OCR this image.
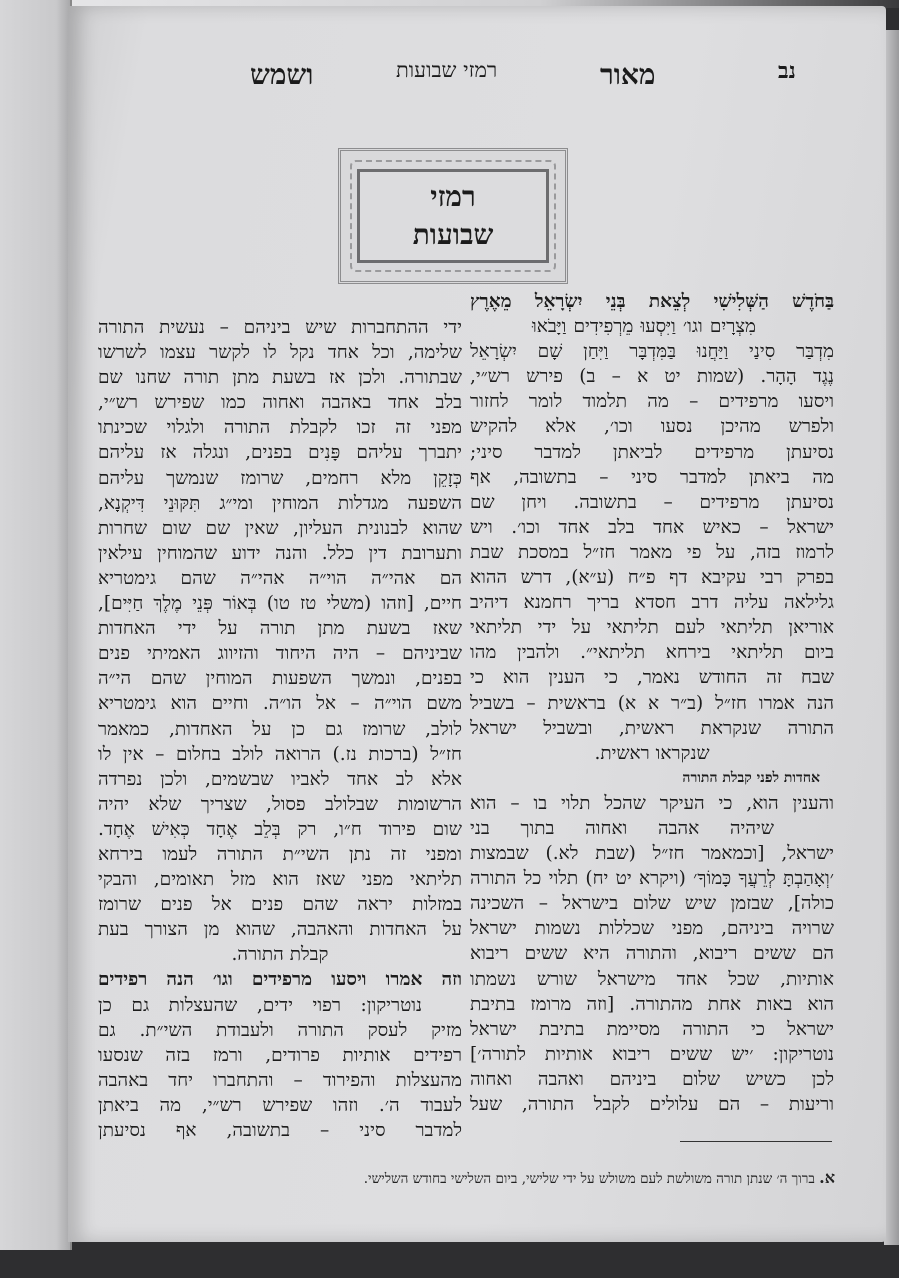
נב
מאור
רמזי שבועות
ושמש
רמזי
שבועות
בַּחֹדֶשׁ הַשְּׁלִישִׁי לְצֵאת בְּנֵי יִשְׂרָאֵל מֵאֶרֶץ
מִצְרָיִם וגו׳ וַיִּסְעוּ מֵרְפִידִים וַיָּבֹאוּ
מִדְבַּר סִינַי וַיַּחֲנוּ בַּמִּדְבָּר וַיִּחַן שָׁם יִשְׂרָאֵל
נֶגֶד הָהָר. (שמות יט א – ב) פירש רש״י,
ויסעו מרפידים – מה תלמוד לומר לחזור
ולפרש מהיכן נסעו וכו׳, אלא להקיש
נסיעתן מרפידים לביאתן למדבר סיני;
מה ביאתן למדבר סיני – בתשובה, אף
נסיעתן מרפידים – בתשובה. ויחן שם
ישראל – כאיש אחד בלב אחד וכו׳. ויש
לרמוז בזה, על פי מאמר חז״ל במסכת שבת
בפרק רבי עקיבא דף פ״ח (ע״א), דרש ההוא
גלילאה עליה דרב חסדא בריך רחמנא דיהיב
אוריאן תליתאי לעם תליתאי על ידי תליתאי
ביום תליתאי בירחא תליתאי״. ולהבין מהו
שבח זה החודש נאמר, כי הענין הוא כי
הנה אמרו חז״ל (ב״ר א א) בראשית – בשביל
התורה שנקראת ראשית, ובשביל ישראל
שנקראו ראשית.
אחדות לפני קבלת התורה
והענין הוא, כי העיקר שהכל תלוי בו – הוא
שיהיה אהבה ואחוה בתוך בני
ישראל, [וכמאמר חז״ל (שבת לא.) שבמצות
׳וְאָהַבְתָּ לְרֵעֲךָ כָּמוֹךָ׳ (ויקרא יט יח) תלוי כל התורה
כולה], שבזמן שיש שלום בישראל – השכינה
שרויה ביניהם, מפני שכללות נשמות ישראל
הם ששים ריבוא, והתורה היא ששים ריבוא
אותיות, שכל אחד מישראל שורש נשמתו
הוא באות אחת מהתורה. [וזה מרומז בתיבת
ישראל כי התורה מסיימת בתיבת ישראל
נוטריקון: ׳יש ששים ריבוא אותיות לתורה׳]
לכן כשיש שלום ביניהם ואהבה ואחוה
וריעות – הם עלולים לקבל התורה, שעל
ידי ההתחברות שיש ביניהם – נעשית התורה
שלימה, וכל אחד נקל לו לקשר עצמו לשרשו
שבתורה. ולכן אז בשעת מתן תורה שחנו שם
בלב אחד באהבה ואחוה כמו שפירש רש״י,
מפני זה זכו לקבלת התורה ולגלוי שכינתו
יתברך עליהם פָּנִים בפנים, ונגלה אז עליהם
כְּזָקֵן מלא רחמים, שרומז שנמשך עליהם
השפעה מגדלות המוחין ומי״ג תִּקּוּנֵי דִּיקְנָא,
שהוא לבנונית העליון, שאין שם שום שחרות
ותערובת דין כלל. והנה ידוע שהמוחין עילאין
הם אהי״ה הוי״ה אהי״ה שהם גימטריא
חיים, [וזהו (משלי טז טו) בְּאוֹר פְּנֵי מֶלֶךְ חַיִּים],
שאז בשעת מתן תורה על ידי האחדות
שביניהם – היה היחוד והזיווג האמיתי פנים
בפנים, ונמשך השפעות המוחין שהם הי״ה
משם הוי״ה – אל הו״ה. וחיים הוא גימטריא
לולב, שרומז גם כן על האחדות, כמאמר
חז״ל (ברכות נז.) הרואה לולב בחלום – אין לו
אלא לב אחד לאביו שבשמים, ולכן נפרדה
הרשומות שבלולב פסול, שצריך שלא יהיה
שום פירוד ח״ו, רק בְּלֵב אֶחָד כְּאִישׁ אֶחָד.
ומפני זה נתן השי״ת התורה לעמו בירחא
תליתאי מפני שאז הוא מזל תאומים, והבקי
במזלות יראה שהם פנים אל פנים שרומז
על האחדות והאהבה, שהוא מן הצורך בעת
קבלת התורה.
וזה אמרו ויסעו מרפידים וגו׳ הנה רפידים
נוטריקון: רפוי ידים, שהעצלות גם כן
מזיק לעסק התורה ולעבודת השי״ת. גם
רפידים אותיות פרודים, ורמז בזה שנסעו
מהעצלות והפירוד – והתחברו יחד באהבה
לעבוד ה׳. וזהו שפירש רש״י, מה ביאתן
למדבר סיני – בתשובה, אף נסיעתן
א. ברוך ה׳ שנתן תורה משולשת לעם משולש על ידי שלישי, ביום השלישי בחודש השלישי.
